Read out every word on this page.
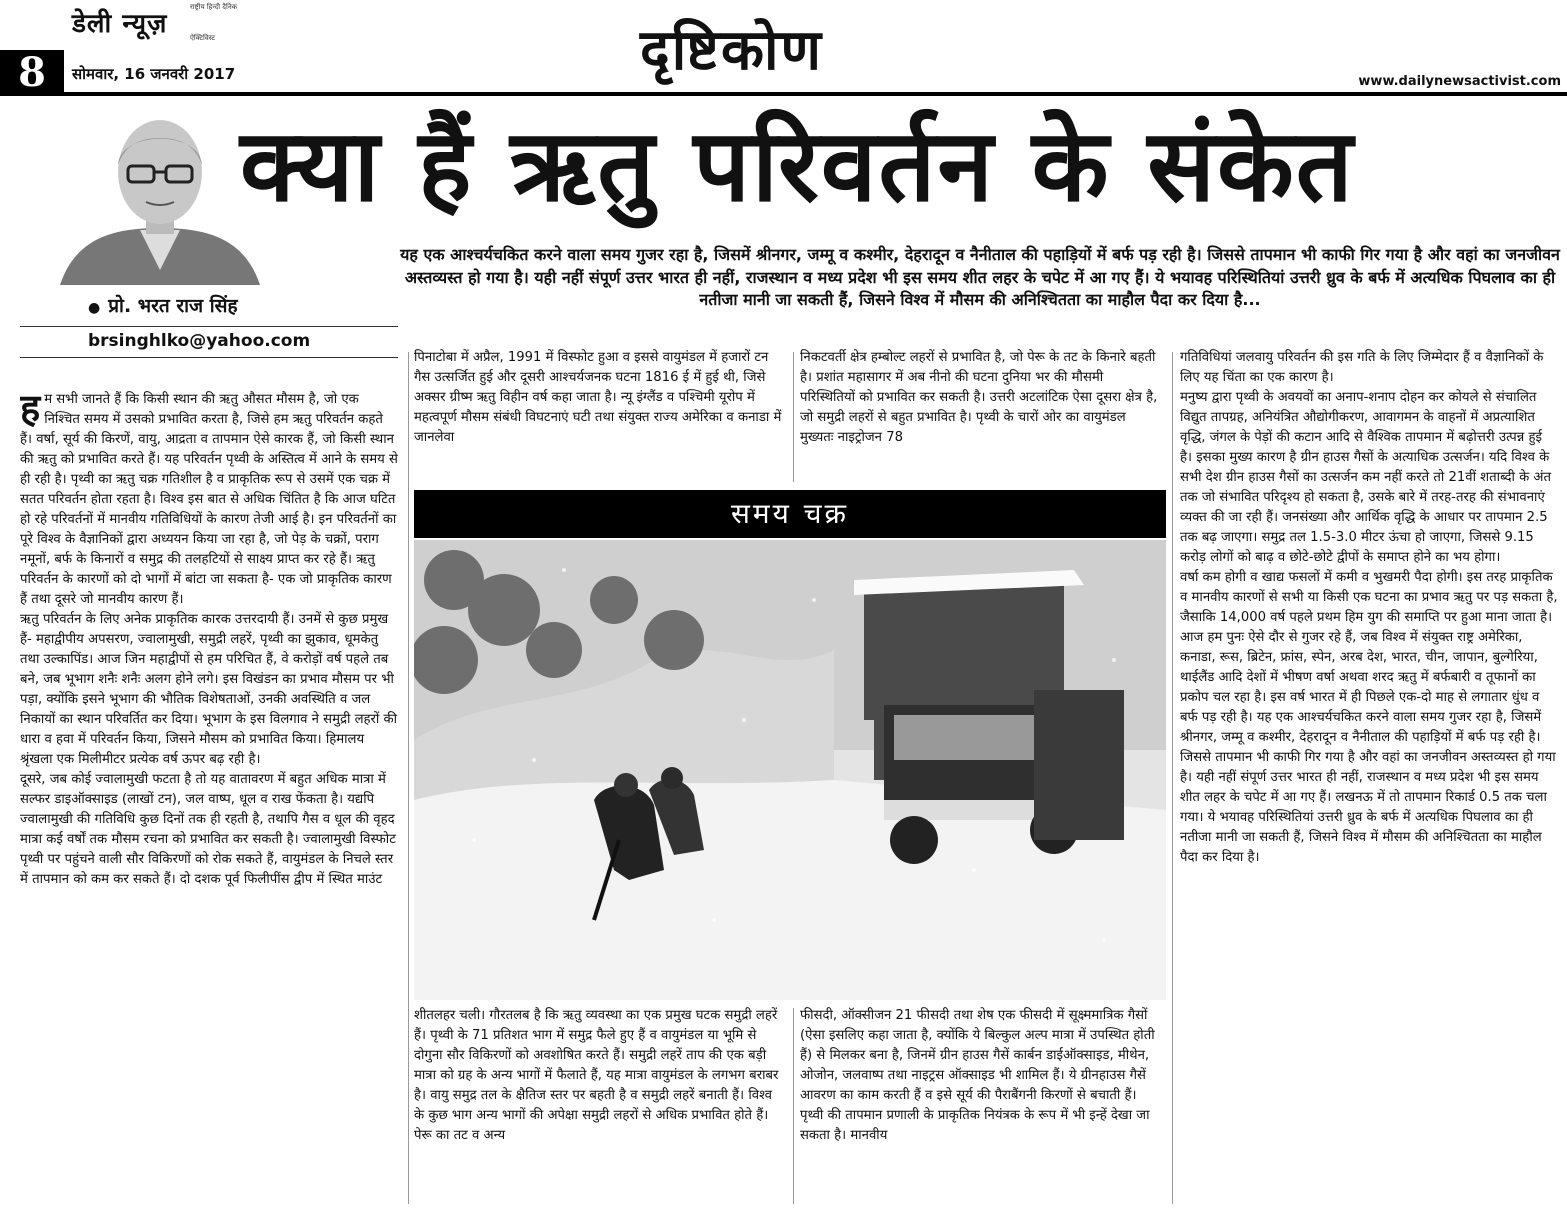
8
राष्ट्रीय हिन्दी दैनिक
डेली न्यूज़	ऐक्टिविस्ट
सोमवार, 16 जनवरी 2017	दृष्टिकोण	www.dailynewsactivist.com
● प्रो. भरत राज सिंह
brsinghlko@yahoo.com
क्या हैं ऋतु परिवर्तन के संकेत
यह एक आश्चर्यचकित करने वाला समय गुजर रहा है, जिसमें श्रीनगर, जम्मू व कश्मीर, देहरादून व नैनीताल की पहाड़ियों में बर्फ पड़ रही है। जिससे तापमान भी काफी गिर गया है और वहां का जनजीवन अस्तव्यस्त हो गया है। यही नहीं संपूर्ण उत्तर भारत ही नहीं, राजस्थान व मध्य प्रदेश भी इस समय शीत लहर के चपेट में आ गए हैं। ये भयावह परिस्थितियां उत्तरी ध्रुव के बर्फ में अत्यधिक पिघलाव का ही नतीजा मानी जा सकती हैं, जिसने विश्व में मौसम की अनिश्चितता का माहौल पैदा कर दिया है...

हम सभी जानते हैं कि किसी स्थान की ऋतु औसत मौसम है, जो एक निश्चित समय में उसको प्रभावित करता है, जिसे हम ऋतु परिवर्तन कहते हैं। वर्षा, सूर्य की किरणें, वायु, आद्रता व तापमान ऐसे कारक हैं, जो किसी स्थान की ऋतु को प्रभावित करते हैं। यह परिवर्तन पृथ्वी के अस्तित्व में आने के समय से ही रही है। पृथ्वी का ऋतु चक्र गतिशील है व प्राकृतिक रूप से उसमें एक चक्र में सतत परिवर्तन होता रहता है। विश्व इस बात से अधिक चिंतित है कि आज घटित हो रहे परिवर्तनों में मानवीय गतिविधियों के कारण तेजी आई है। इन परिवर्तनों का पूरे विश्व के वैज्ञानिकों द्वारा अध्ययन किया जा रहा है, जो पेड़ के चक्रों, पराग नमूनों, बर्फ के किनारों व समुद्र की तलहटियों से साक्ष्य प्राप्त कर रहे हैं। ऋतु परिवर्तन के कारणों को दो भागों में बांटा जा सकता है- एक जो प्राकृतिक कारण हैं तथा दूसरे जो मानवीय कारण हैं।

ऋतु परिवर्तन के लिए अनेक प्राकृतिक कारक उत्तरदायी हैं। उनमें से कुछ प्रमुख हैं- महाद्वीपीय अपसरण, ज्वालामुखी, समुद्री लहरें, पृथ्वी का झुकाव, धूमकेतु तथा उल्कापिंड। आज जिन महाद्वीपों से हम परिचित हैं, वे करोड़ों वर्ष पहले तब बने, जब भूभाग शनैः शनैः अलग होने लगे। इस विखंडन का प्रभाव मौसम पर भी पड़ा, क्योंकि इसने भूभाग की भौतिक विशेषताओं, उनकी अवस्थिति व जल निकायों का स्थान परिवर्तित कर दिया। भूभाग के इस विलगाव ने समुद्री लहरों की धारा व हवा में परिवर्तन किया, जिसने मौसम को प्रभावित किया। हिमालय श्रृंखला एक मिलीमीटर प्रत्येक वर्ष ऊपर बढ़ रही है।

दूसरे, जब कोई ज्वालामुखी फटता है तो यह वातावरण में बहुत अधिक मात्रा में सल्फर डाइऑक्साइड (लाखों टन), जल वाष्प, धूल व राख फेंकता है। यद्यपि ज्वालामुखी की गतिविधि कुछ दिनों तक ही रहती है, तथापि गैस व धूल की वृहद मात्रा कई वर्षों तक मौसम रचना को प्रभावित कर सकती है। ज्वालामुखी विस्फोट पृथ्वी पर पहुंचने वाली सौर विकिरणों को रोक सकते हैं, वायुमंडल के निचले स्तर में तापमान को कम कर सकते हैं। दो दशक पूर्व फिलीपींस द्वीप में स्थित माउंट

पिनाटोबा में अप्रैल, 1991 में विस्फोट हुआ व इससे वायुमंडल में हजारों टन गैस उत्सर्जित हुई और दूसरी आश्चर्यजनक घटना 1816 ई में हुई थी, जिसे अक्सर ग्रीष्म ऋतु विहीन वर्ष कहा जाता है। न्यू इंग्लैंड व पश्चिमी यूरोप में महत्वपूर्ण मौसम संबंधी विघटनाएं घटी तथा संयुक्त राज्य अमेरिका व कनाडा में जानलेवा

निकटवर्ती क्षेत्र हम्बोल्ट लहरों से प्रभावित है, जो पेरू के तट के किनारे बहती है। प्रशांत महासागर में अब नीनो की घटना दुनिया भर की मौसमी परिस्थितियों को प्रभावित कर सकती है। उत्तरी अटलांटिक ऐसा दूसरा क्षेत्र है, जो समुद्री लहरों से बहुत प्रभावित है। पृथ्वी के चारों ओर का वायुमंडल मुख्यतः नाइट्रोजन 78

समय चक्र

शीतलहर चली। गौरतलब है कि ऋतु व्यवस्था का एक प्रमुख घटक समुद्री लहरें हैं। पृथ्वी के 71 प्रतिशत भाग में समुद्र फैले हुए हैं व वायुमंडल या भूमि से दोगुना सौर विकिरणों को अवशोषित करते हैं। समुद्री लहरें ताप की एक बड़ी मात्रा को ग्रह के अन्य भागों में फैलाते हैं, यह मात्रा वायुमंडल के लगभग बराबर है। वायु समुद्र तल के क्षैतिज स्तर पर बहती है व समुद्री लहरें बनाती हैं। विश्व के कुछ भाग अन्य भागों की अपेक्षा समुद्री लहरों से अधिक प्रभावित होते हैं। पेरू का तट व अन्य

फीसदी, ऑक्सीजन 21 फीसदी तथा शेष एक फीसदी में सूक्ष्ममात्रिक गैसों (ऐसा इसलिए कहा जाता है, क्योंकि ये बिल्कुल अल्प मात्रा में उपस्थित होती हैं) से मिलकर बना है, जिनमें ग्रीन हाउस गैसें कार्बन डाईऑक्साइड, मीथेन, ओजोन, जलवाष्प तथा नाइट्रस ऑक्साइड भी शामिल हैं। ये ग्रीनहाउस गैसें आवरण का काम करती हैं व इसे सूर्य की पैराबैंगनी किरणों से बचाती हैं। पृथ्वी की तापमान प्रणाली के प्राकृतिक नियंत्रक के रूप में भी इन्हें देखा जा सकता है। मानवीय

गतिविधियां जलवायु परिवर्तन की इस गति के लिए जिम्मेदार हैं व वैज्ञानिकों के लिए यह चिंता का एक कारण है।

मनुष्य द्वारा पृथ्वी के अवयवों का अनाप-शनाप दोहन कर कोयले से संचालित विद्युत तापग्रह, अनियंत्रित औद्योगीकरण, आवागमन के वाहनों में अप्रत्याशित वृद्धि, जंगल के पेड़ों की कटान आदि से वैश्विक तापमान में बढ़ोत्तरी उत्पन्न हुई है। इसका मुख्य कारण है ग्रीन हाउस गैसों के अत्याधिक उत्सर्जन। यदि विश्व के सभी देश ग्रीन हाउस गैसों का उत्सर्जन कम नहीं करते तो 21वीं शताब्दी के अंत तक जो संभावित परिदृश्य हो सकता है, उसके बारे में तरह-तरह की संभावनाएं व्यक्त की जा रही हैं। जनसंख्या और आर्थिक वृद्धि के आधार पर तापमान 2.5 तक बढ़ जाएगा। समुद्र तल 1.5-3.0 मीटर ऊंचा हो जाएगा, जिससे 9.15 करोड़ लोगों को बाढ़ व छोटे-छोटे द्वीपों के समाप्त होने का भय होगा।

वर्षा कम होगी व खाद्य फसलों में कमी व भुखमरी पैदा होगी। इस तरह प्राकृतिक व मानवीय कारणों से सभी या किसी एक घटना का प्रभाव ऋतु पर पड़ सकता है, जैसाकि 14,000 वर्ष पहले प्रथम हिम युग की समाप्ति पर हुआ माना जाता है। आज हम पुनः ऐसे दौर से गुजर रहे हैं, जब विश्व में संयुक्त राष्ट्र अमेरिका, कनाडा, रूस, ब्रिटेन, फ्रांस, स्पेन, अरब देश, भारत, चीन, जापान, बुल्गेरिया, थाईलैंड आदि देशों में भीषण वर्षा अथवा शरद ऋतु में बर्फबारी व तूफानों का प्रकोप चल रहा है। इस वर्ष भारत में ही पिछले एक-दो माह से लगातार धुंध व बर्फ पड़ रही है। यह एक आश्चर्यचकित करने वाला समय गुजर रहा है, जिसमें श्रीनगर, जम्मू व कश्मीर, देहरादून व नैनीताल की पहाड़ियों में बर्फ पड़ रही है। जिससे तापमान भी काफी गिर गया है और वहां का जनजीवन अस्तव्यस्त हो गया है। यही नहीं संपूर्ण उत्तर भारत ही नहीं, राजस्थान व मध्य प्रदेश भी इस समय शीत लहर के चपेट में आ गए हैं। लखनऊ में तो तापमान रिकार्ड 0.5 तक चला गया। ये भयावह परिस्थितियां उत्तरी ध्रुव के बर्फ में अत्यधिक पिघलाव का ही नतीजा मानी जा सकती हैं, जिसने विश्व में मौसम की अनिश्चितता का माहौल पैदा कर दिया है।
